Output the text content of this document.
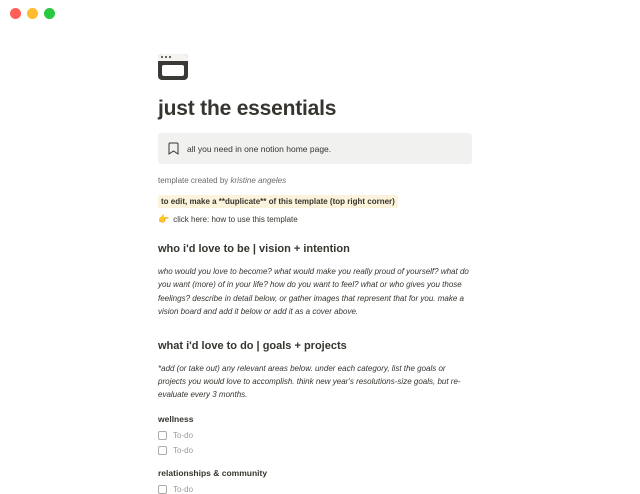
just the essentials
all you need in one notion home page.
template created by kristine angeles
to edit, make a **duplicate** of this template (top right corner)
👉 click here: how to use this template
who i'd love to be | vision + intention

who would you love to become? what would make you really proud of yourself? what do you want (more) of in your life? how do you want to feel? what or who gives you those feelings? describe in detail below, or gather images that represent that for you. make a vision board and add it below or add it as a cover above.

what i'd love to do | goals + projects

*add (or take out) any relevant areas below. under each category, list the goals or projects you would love to accomplish. think new year's resolutions-size goals, but re-evaluate every 3 months.

wellness
To-do
To-do
relationships & community
To-do
